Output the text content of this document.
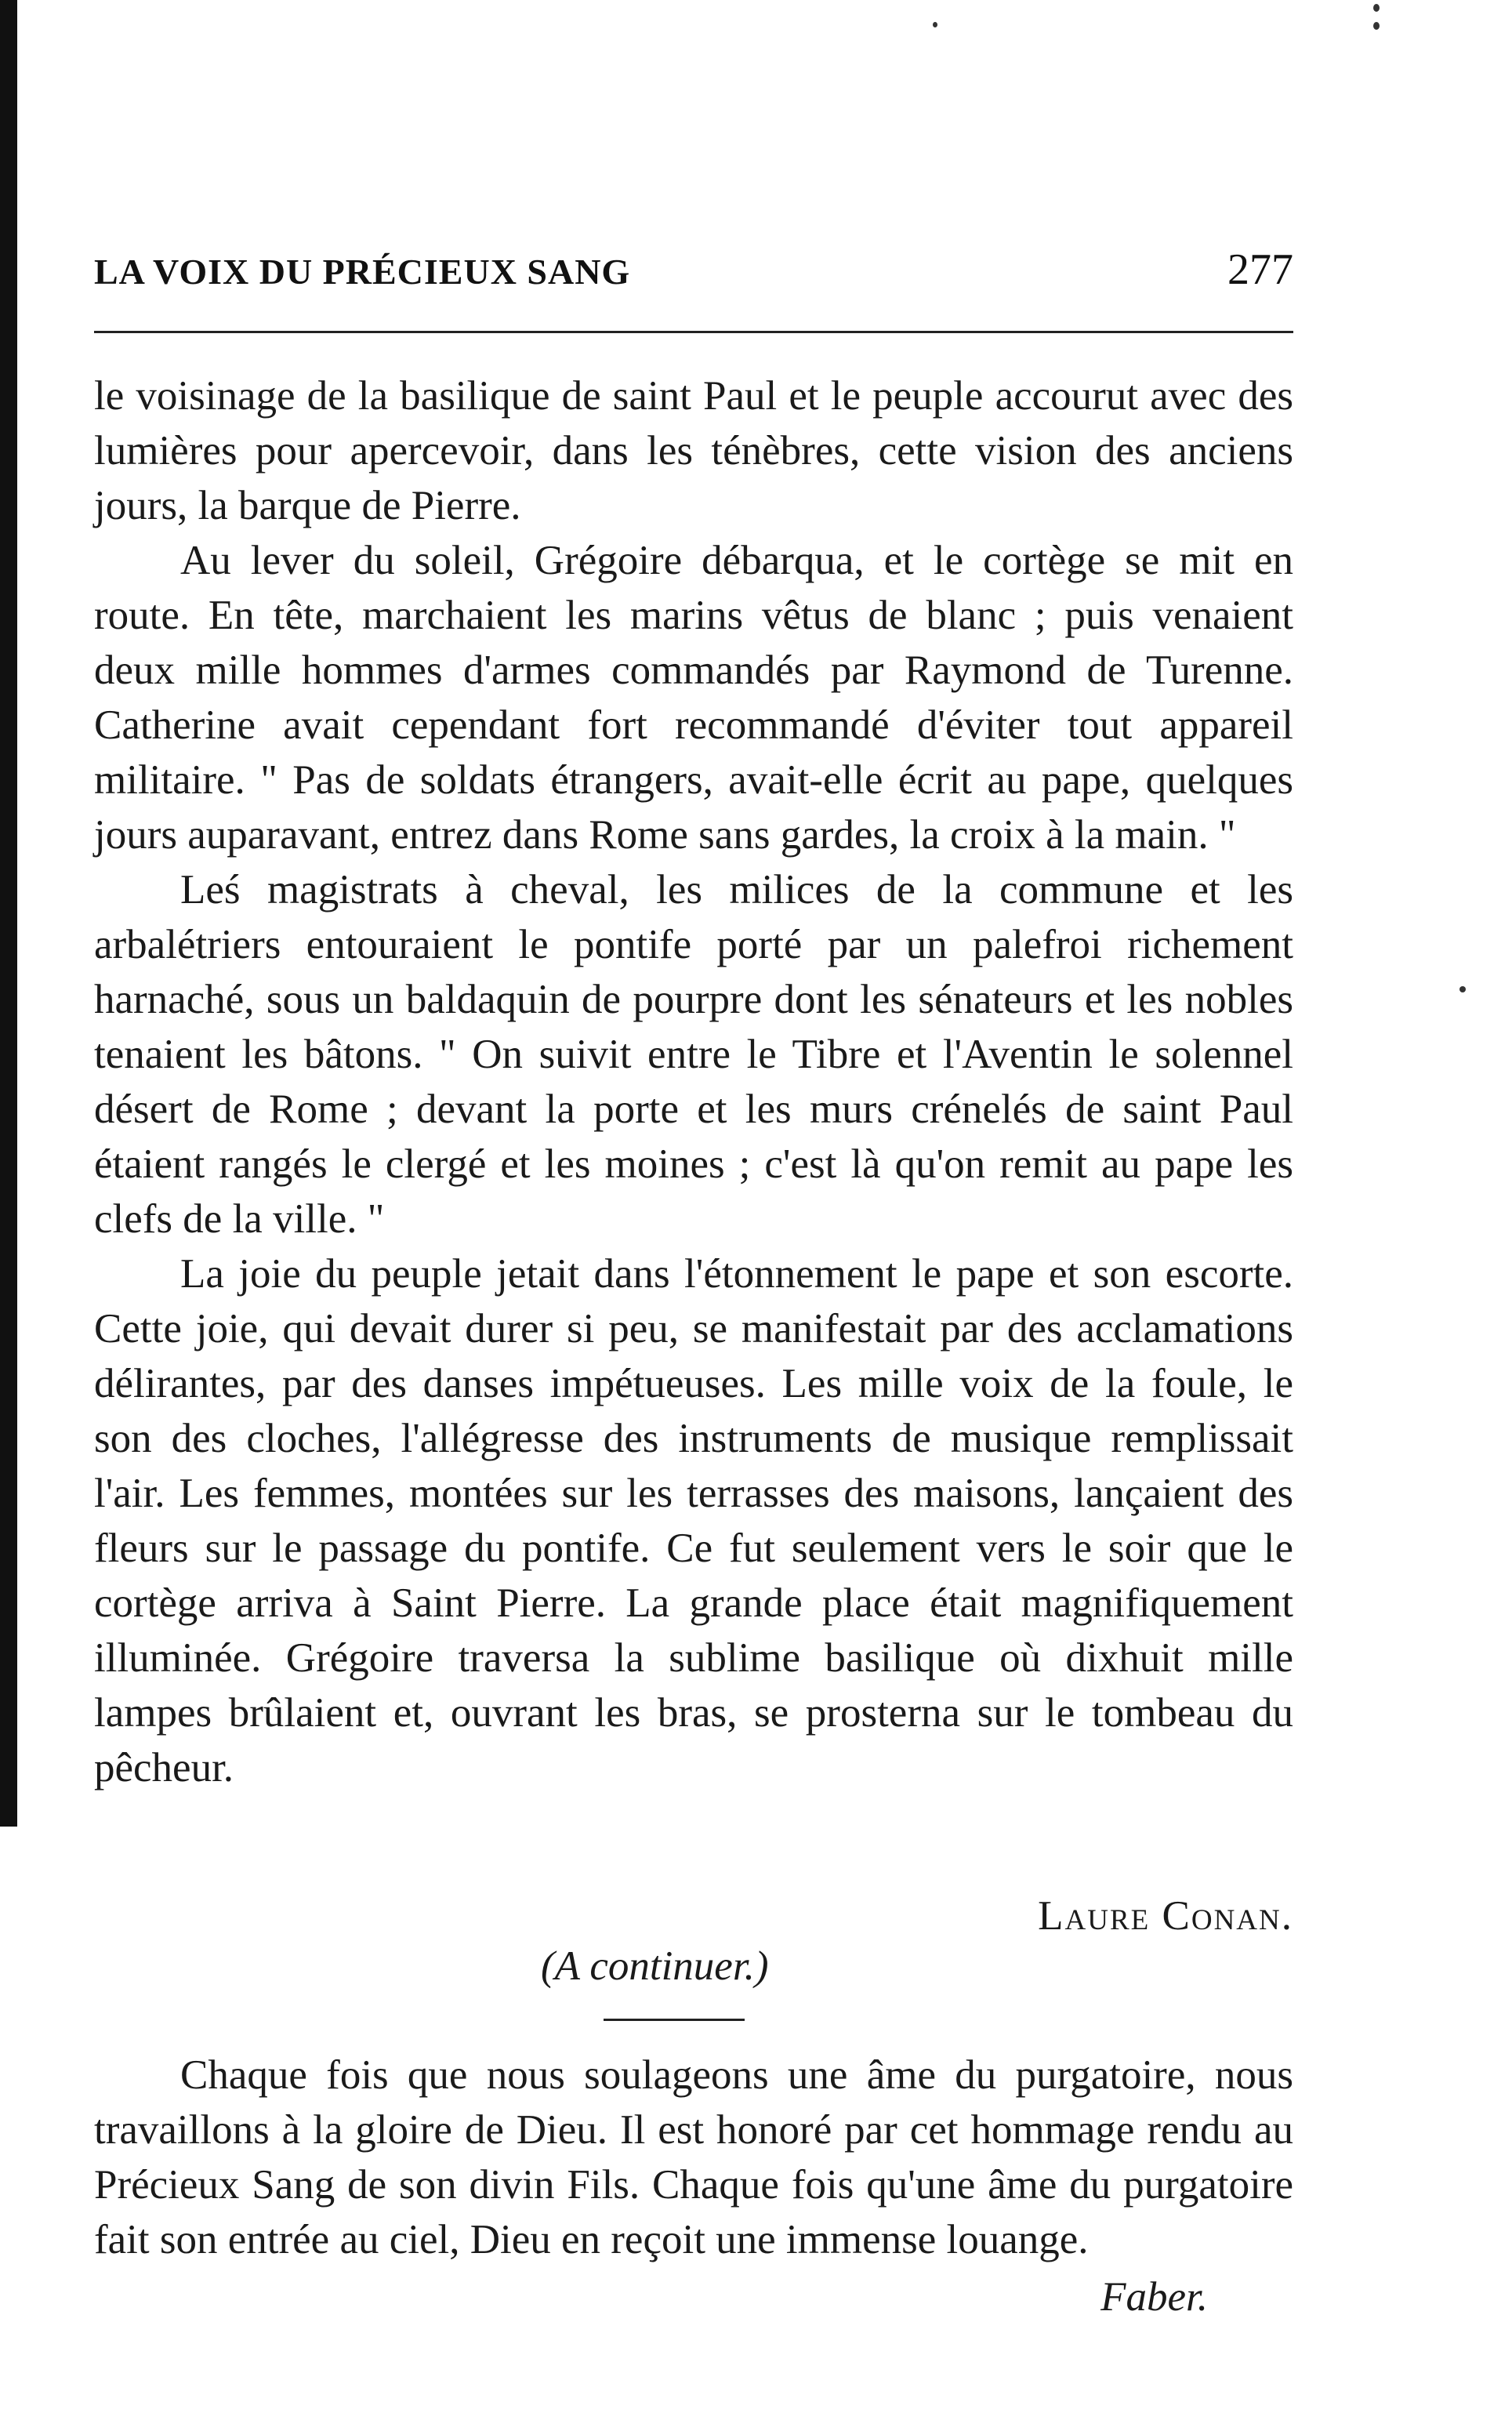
LA VOIX DU PRÉCIEUX SANG	277

le voisinage de la basilique de saint Paul et le peuple accourut avec des lumières pour apercevoir, dans les ténèbres, cette vision des anciens jours, la barque de Pierre.

Au lever du soleil, Grégoire débarqua, et le cortège se mit en route. En tête, marchaient les marins vêtus de blanc ; puis venaient deux mille hommes d'armes commandés par Raymond de Turenne. Catherine avait cependant fort recommandé d'éviter tout appareil militaire. " Pas de soldats étrangers, avait-elle écrit au pape, quelques jours auparavant, entrez dans Rome sans gardes, la croix à la main. "

Leś magistrats à cheval, les milices de la commune et les arbalétriers entouraient le pontife porté par un palefroi richement harnaché, sous un baldaquin de pourpre dont les sénateurs et les nobles tenaient les bâtons. " On suivit entre le Tibre et l'Aventin le solennel désert de Rome ; devant la porte et les murs crénelés de saint Paul étaient rangés le clergé et les moines ; c'est là qu'on remit au pape les clefs de la ville. "

La joie du peuple jetait dans l'étonnement le pape et son escorte. Cette joie, qui devait durer si peu, se manifestait par des acclamations délirantes, par des danses impétueuses. Les mille voix de la foule, le son des cloches, l'allégresse des instruments de musique remplissait l'air. Les femmes, montées sur les terrasses des maisons, lançaient des fleurs sur le passage du pontife. Ce fut seulement vers le soir que le cortège arriva à Saint Pierre. La grande place était magnifiquement illuminée. Grégoire traversa la sublime basilique où dixhuit mille lampes brûlaient et, ouvrant les bras, se prosterna sur le tombeau du pêcheur.

Laure Conan.
(A continuer.)

Chaque fois que nous soulageons une âme du purgatoire, nous travaillons à la gloire de Dieu. Il est honoré par cet hommage rendu au Précieux Sang de son divin Fils. Chaque fois qu'une âme du purgatoire fait son entrée au ciel, Dieu en reçoit une immense louange.

Faber.
